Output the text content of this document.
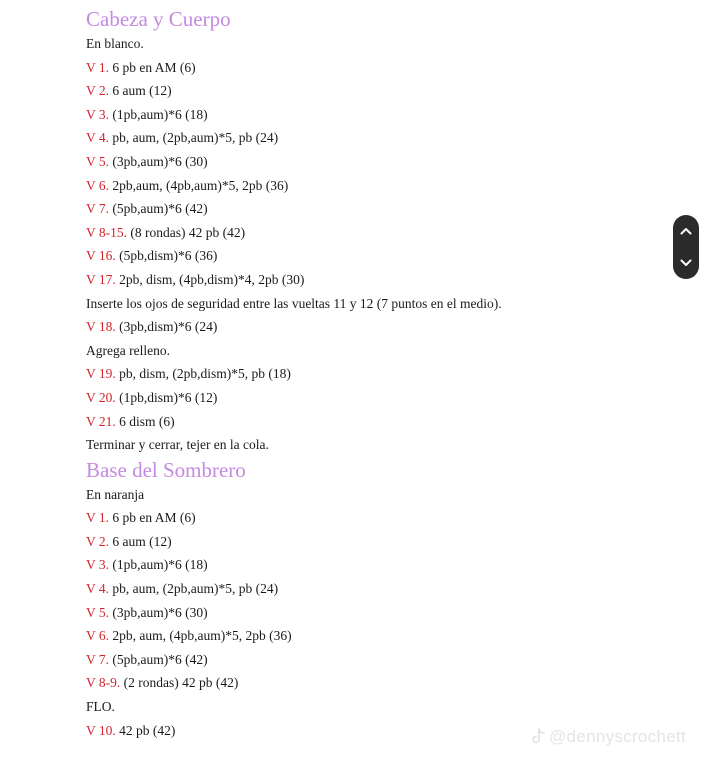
Cabeza y Cuerpo
En blanco.
V 1. 6 pb en AM (6)
V 2. 6 aum (12)
V 3. (1pb,aum)*6 (18)
V 4. pb, aum, (2pb,aum)*5, pb (24)
V 5. (3pb,aum)*6 (30)
V 6. 2pb,aum, (4pb,aum)*5, 2pb (36)
V 7. (5pb,aum)*6 (42)
V 8-15. (8 rondas) 42 pb (42)
V 16. (5pb,dism)*6 (36)
V 17. 2pb, dism, (4pb,dism)*4, 2pb (30)
Inserte los ojos de seguridad entre las vueltas 11 y 12 (7 puntos en el medio).
V 18. (3pb,dism)*6 (24)
Agrega relleno.
V 19. pb, dism, (2pb,dism)*5, pb (18)
V 20. (1pb,dism)*6 (12)
V 21. 6 dism (6)
Terminar y cerrar, tejer en la cola.
Base del Sombrero
En naranja
V 1. 6 pb en AM (6)
V 2. 6 aum (12)
V 3. (1pb,aum)*6 (18)
V 4. pb, aum, (2pb,aum)*5, pb (24)
V 5. (3pb,aum)*6 (30)
V 6. 2pb, aum, (4pb,aum)*5, 2pb (36)
V 7. (5pb,aum)*6 (42)
V 8-9. (2 rondas) 42 pb (42)
FLO.
V 10. 42 pb (42)	@dennyscrochett
